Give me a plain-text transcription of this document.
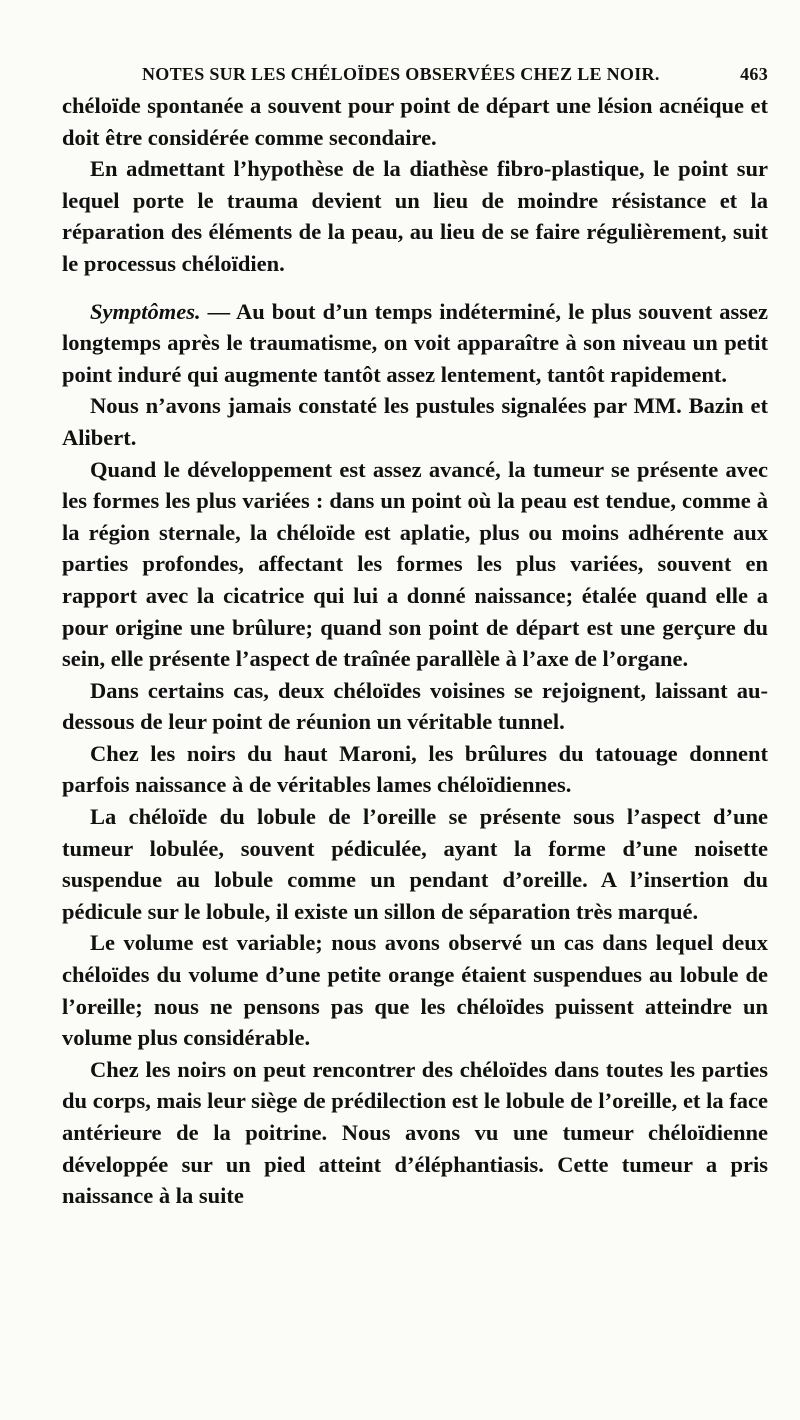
NOTES SUR LES CHÉLOÏDES OBSERVÉES CHEZ LE NOIR.	463

chéloïde spontanée a souvent pour point de départ une lésion acnéique et doit être considérée comme secondaire.

En admettant l’hypothèse de la diathèse fibro-plastique, le point sur lequel porte le trauma devient un lieu de moindre résistance et la réparation des éléments de la peau, au lieu de se faire régulièrement, suit le processus chéloïdien.

Symptômes. — Au bout d’un temps indéterminé, le plus souvent assez longtemps après le traumatisme, on voit apparaître à son niveau un petit point induré qui augmente tantôt assez lentement, tantôt rapidement.

Nous n’avons jamais constaté les pustules signalées par MM. Bazin et Alibert.

Quand le développement est assez avancé, la tumeur se présente avec les formes les plus variées : dans un point où la peau est tendue, comme à la région sternale, la chéloïde est aplatie, plus ou moins adhérente aux parties profondes, affectant les formes les plus variées, souvent en rapport avec la cicatrice qui lui a donné naissance; étalée quand elle a pour origine une brûlure; quand son point de départ est une gerçure du sein, elle présente l’aspect de traînée parallèle à l’axe de l’organe.

Dans certains cas, deux chéloïdes voisines se rejoignent, laissant au-dessous de leur point de réunion un véritable tunnel.

Chez les noirs du haut Maroni, les brûlures du tatouage donnent parfois naissance à de véritables lames chéloïdiennes.

La chéloïde du lobule de l’oreille se présente sous l’aspect d’une tumeur lobulée, souvent pédiculée, ayant la forme d’une noisette suspendue au lobule comme un pendant d’oreille. A l’insertion du pédicule sur le lobule, il existe un sillon de séparation très marqué.

Le volume est variable; nous avons observé un cas dans lequel deux chéloïdes du volume d’une petite orange étaient suspendues au lobule de l’oreille; nous ne pensons pas que les chéloïdes puissent atteindre un volume plus considérable.

Chez les noirs on peut rencontrer des chéloïdes dans toutes les parties du corps, mais leur siège de prédilection est le lobule de l’oreille, et la face antérieure de la poitrine. Nous avons vu une tumeur chéloïdienne développée sur un pied atteint d’éléphantiasis. Cette tumeur a pris naissance à la suite
